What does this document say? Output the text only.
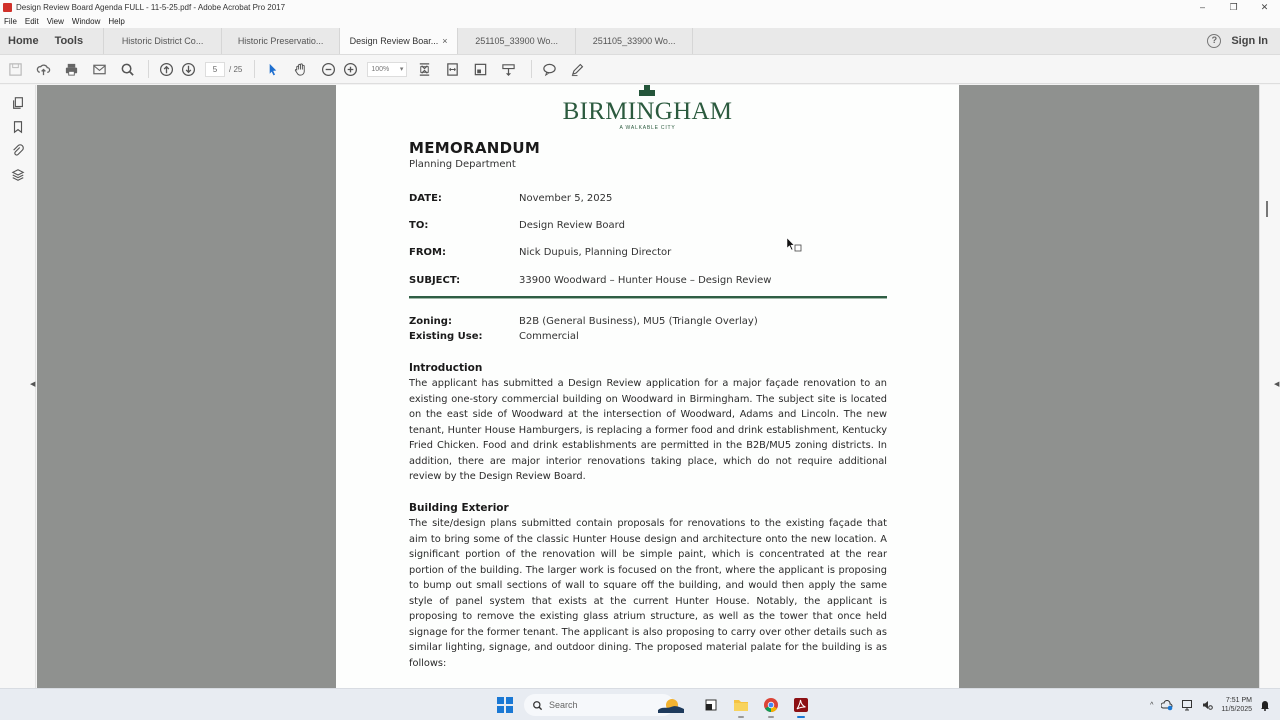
Design Review Board Agenda FULL - 11-5-25.pdf - Adobe Acrobat Pro 2017	–	❐	✕
File	Edit	View	Window	Help
Home	Tools	Historic District Co...	Historic Preservatio...	Design Review Boar... ×	251105_33900 Wo...	251105_33900 Wo...	?	Sign In
5	/ 25	100% ▾
◀
BIRMINGHAM
A WALKABLE CITY
MEMORANDUM
Planning Department
DATE:	November 5, 2025
TO:	Design Review Board
FROM:	Nick Dupuis, Planning Director
SUBJECT:	33900 Woodward – Hunter House – Design Review
Zoning:	B2B (General Business), MU5 (Triangle Overlay)
Existing Use:	Commercial
Introduction
The applicant has submitted a Design Review application for a major façade renovation to an existing one-story commercial building on Woodward in Birmingham. The subject site is located on the east side of Woodward at the intersection of Woodward, Adams and Lincoln. The new tenant, Hunter House Hamburgers, is replacing a former food and drink establishment, Kentucky Fried Chicken. Food and drink establishments are permitted in the B2B/MU5 zoning districts. In addition, there are major interior renovations taking place, which do not require additional review by the Design Review Board.
Building Exterior
The site/design plans submitted contain proposals for renovations to the existing façade that aim to bring some of the classic Hunter House design and architecture onto the new location. A significant portion of the renovation will be simple paint, which is concentrated at the rear portion of the building. The larger work is focused on the front, where the applicant is proposing to bump out small sections of wall to square off the building, and would then apply the same style of panel system that exists at the current Hunter House. Notably, the applicant is proposing to remove the existing glass atrium structure, as well as the tower that once held signage for the former tenant. The applicant is also proposing to carry over other details such as similar lighting, signage, and outdoor dining. The proposed material palate for the building is as follows:
◀
Search	^
7:51 PM
11/5/2025
